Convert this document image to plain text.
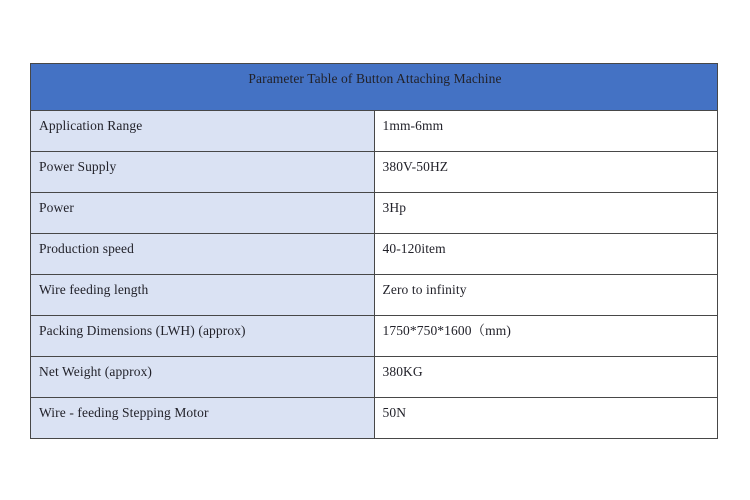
Parameter Table of Button Attaching Machine	
Application Range	1mm-6mm
Power Supply	380V-50HZ
Power	3Hp
Production speed	40-120item
Wire feeding length	Zero to infinity
Packing Dimensions (LWH) (approx)	1750*750*1600（mm)
Net Weight (approx)	380KG
Wire - feeding Stepping Motor	50N
